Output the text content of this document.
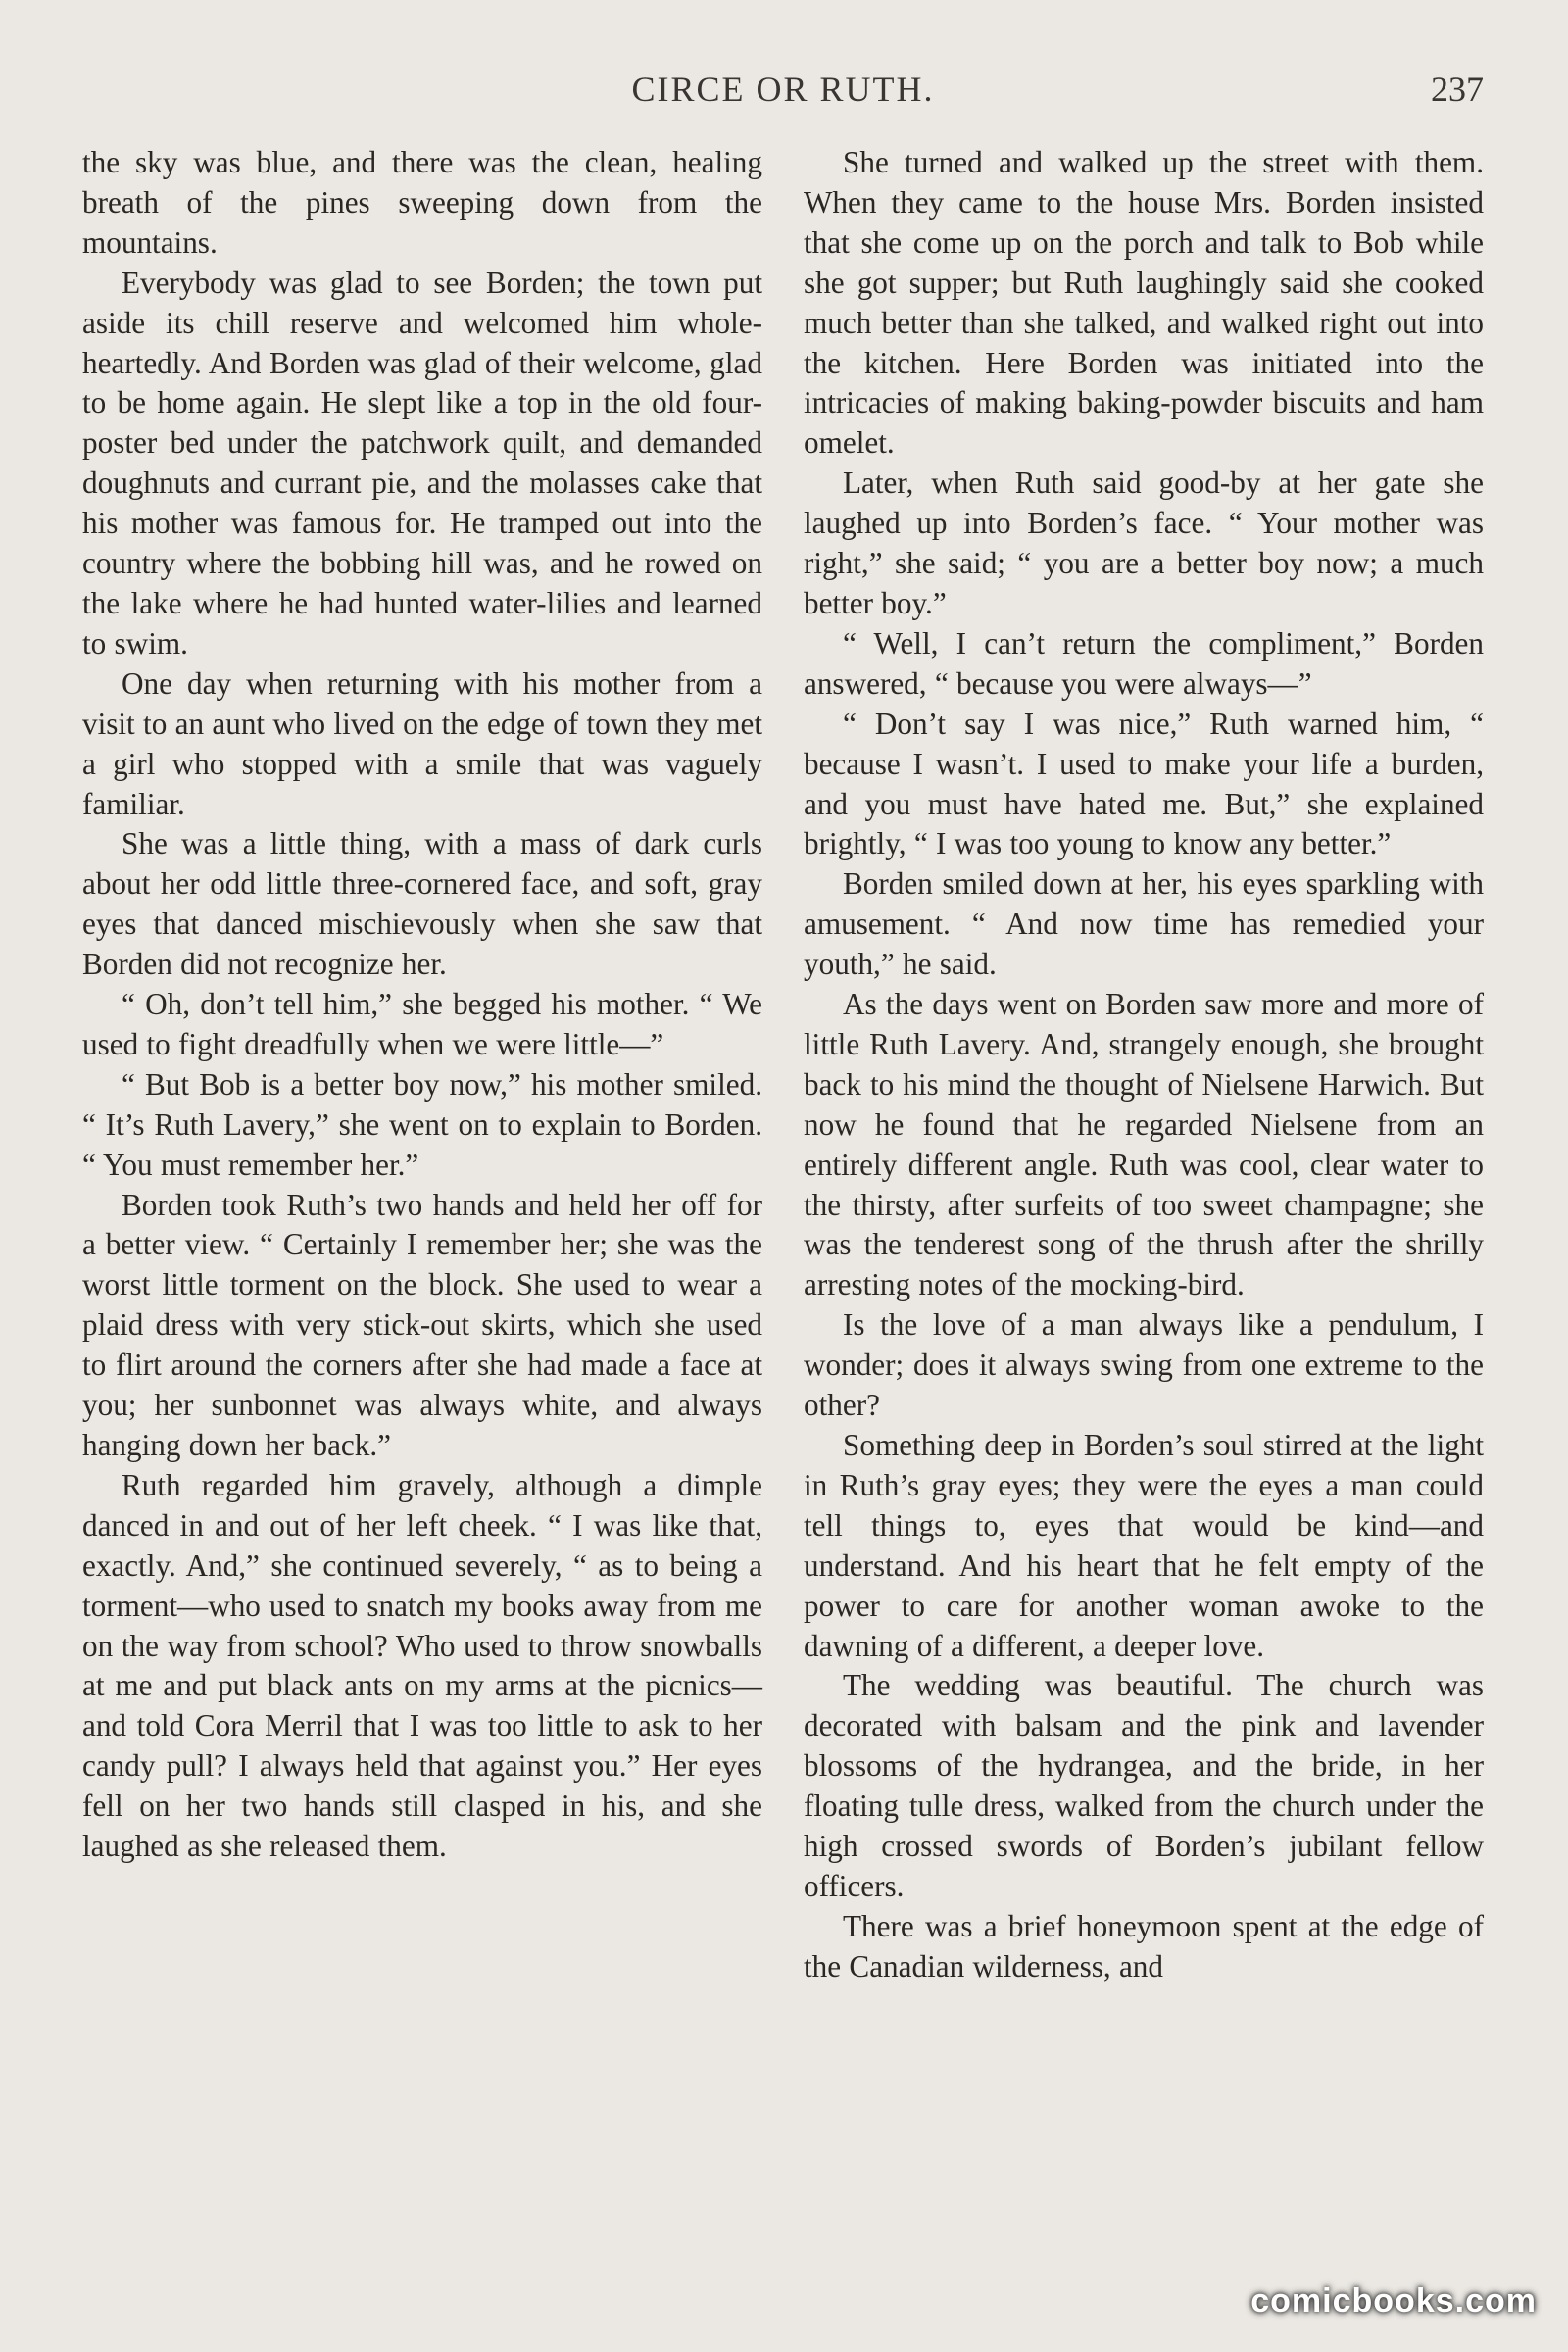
CIRCE OR RUTH.	237

the sky was blue, and there was the clean, healing breath of the pines sweeping down from the mountains.

Everybody was glad to see Borden; the town put aside its chill reserve and welcomed him whole-heartedly. And Borden was glad of their welcome, glad to be home again. He slept like a top in the old four-poster bed under the patchwork quilt, and demanded doughnuts and currant pie, and the molasses cake that his mother was famous for. He tramped out into the country where the bobbing hill was, and he rowed on the lake where he had hunted water-lilies and learned to swim.

One day when returning with his mother from a visit to an aunt who lived on the edge of town they met a girl who stopped with a smile that was vaguely familiar.

She was a little thing, with a mass of dark curls about her odd little three-cornered face, and soft, gray eyes that danced mischievously when she saw that Borden did not recognize her.

“ Oh, don’t tell him,” she begged his mother. “ We used to fight dreadfully when we were little—”

“ But Bob is a better boy now,” his mother smiled. “ It’s Ruth Lavery,” she went on to explain to Borden. “ You must remember her.”

Borden took Ruth’s two hands and held her off for a better view. “ Certainly I remember her; she was the worst little torment on the block. She used to wear a plaid dress with very stick-out skirts, which she used to flirt around the corners after she had made a face at you; her sunbonnet was always white, and always hanging down her back.”

Ruth regarded him gravely, although a dimple danced in and out of her left cheek. “ I was like that, exactly. And,” she continued severely, “ as to being a torment—who used to snatch my books away from me on the way from school? Who used to throw snowballs at me and put black ants on my arms at the picnics—and told Cora Merril that I was too little to ask to her candy pull? I always held that against you.” Her eyes fell on her two hands still clasped in his, and she laughed as she released them.

She turned and walked up the street with them. When they came to the house Mrs. Borden insisted that she come up on the porch and talk to Bob while she got supper; but Ruth laughingly said she cooked much better than she talked, and walked right out into the kitchen. Here Borden was initiated into the intricacies of making baking-powder biscuits and ham omelet.

Later, when Ruth said good-by at her gate she laughed up into Borden’s face. “ Your mother was right,” she said; “ you are a better boy now; a much better boy.”

“ Well, I can’t return the compliment,” Borden answered, “ because you were always—”

“ Don’t say I was nice,” Ruth warned him, “ because I wasn’t. I used to make your life a burden, and you must have hated me. But,” she explained brightly, “ I was too young to know any better.”

Borden smiled down at her, his eyes sparkling with amusement. “ And now time has remedied your youth,” he said.

As the days went on Borden saw more and more of little Ruth Lavery. And, strangely enough, she brought back to his mind the thought of Nielsene Harwich. But now he found that he regarded Nielsene from an entirely different angle. Ruth was cool, clear water to the thirsty, after surfeits of too sweet champagne; she was the tenderest song of the thrush after the shrilly arresting notes of the mocking-bird.

Is the love of a man always like a pendulum, I wonder; does it always swing from one extreme to the other?

Something deep in Borden’s soul stirred at the light in Ruth’s gray eyes; they were the eyes a man could tell things to, eyes that would be kind—and understand. And his heart that he felt empty of the power to care for another woman awoke to the dawning of a different, a deeper love.

The wedding was beautiful. The church was decorated with balsam and the pink and lavender blossoms of the hydrangea, and the bride, in her floating tulle dress, walked from the church under the high crossed swords of Borden’s jubilant fellow officers.

There was a brief honeymoon spent at the edge of the Canadian wilderness, and

comicbooks.com
